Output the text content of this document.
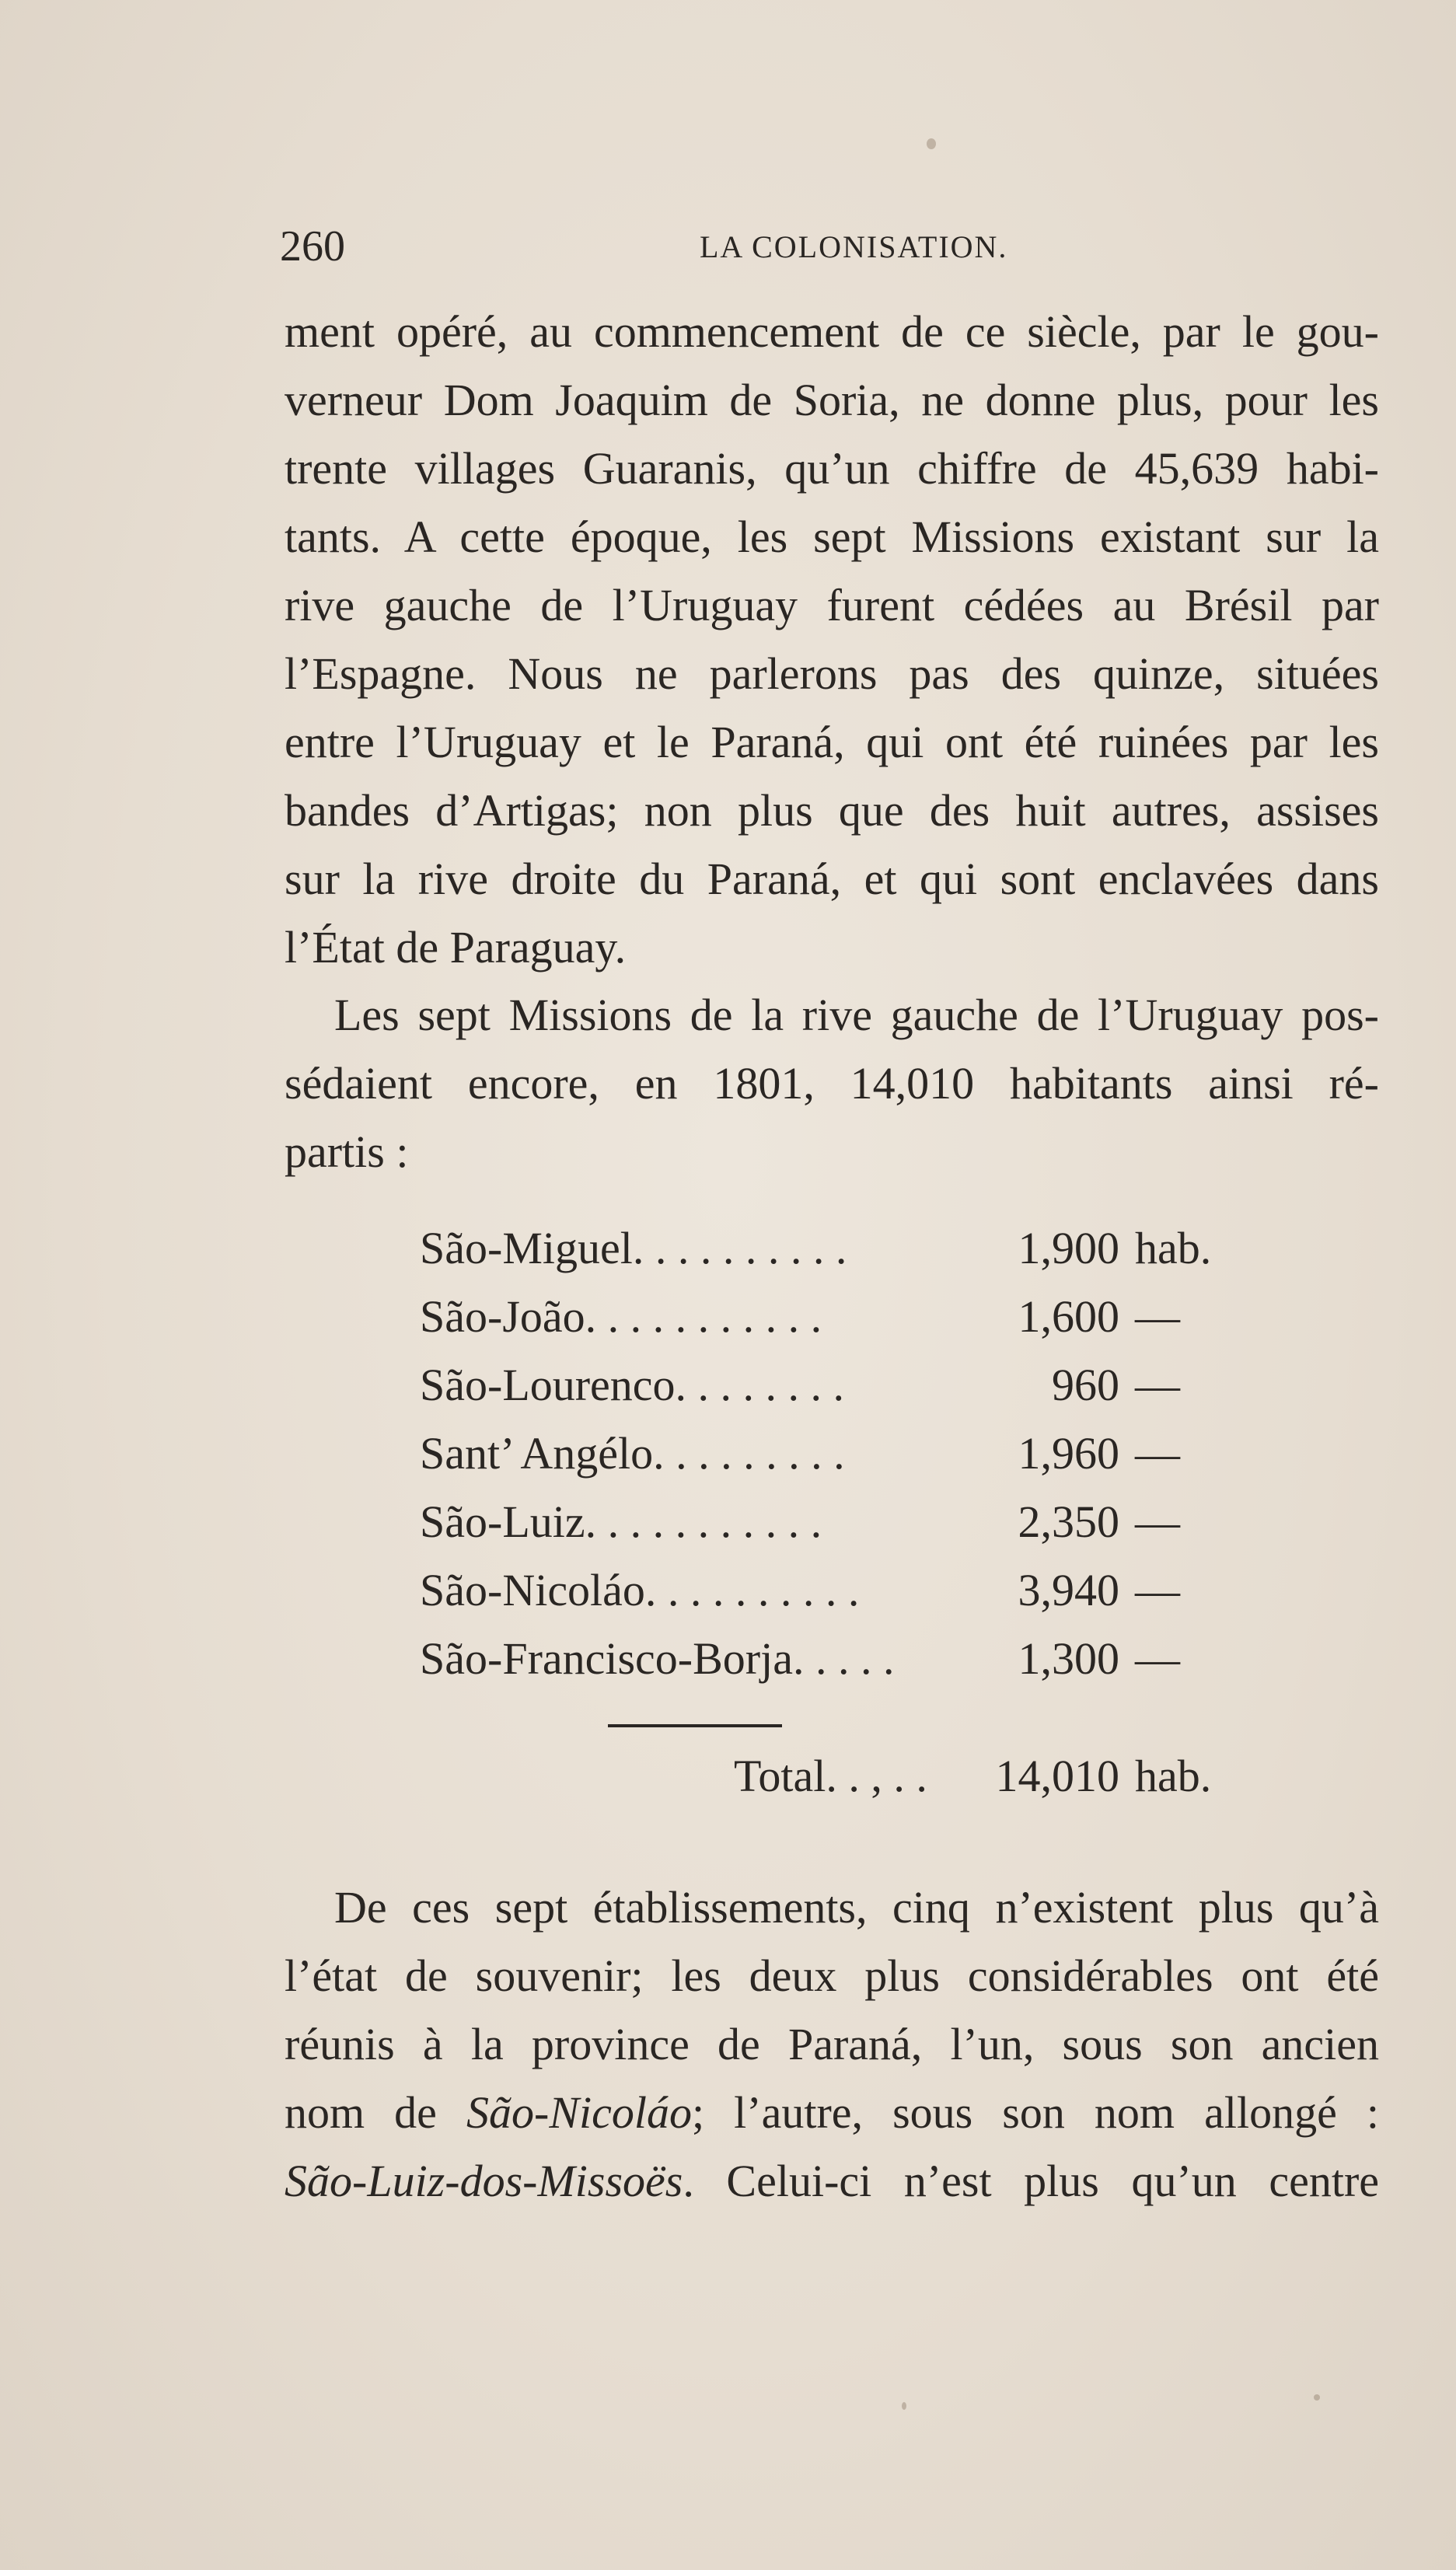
260	LA COLONISATION.
ment opéré, au commencement de ce siècle, par le gou-
verneur Dom Joaquim de Soria, ne donne plus, pour les
trente villages Guaranis, qu’un chiffre de 45,639 habi-
tants. A cette époque, les sept Missions existant sur la
rive gauche de l’Uruguay furent cédées au Brésil par
l’Espagne. Nous ne parlerons pas des quinze, situées
entre l’Uruguay et le Paraná, qui ont été ruinées par les
bandes d’Artigas; non plus que des huit autres, assises
sur la rive droite du Paraná, et qui sont enclavées dans
l’État de Paraguay.
Les sept Missions de la rive gauche de l’Uruguay pos-
sédaient encore, en 1801, 14,010 habitants ainsi ré-
partis :
São-Miguel. . . . . . . . . .	1,900 hab.
São-João. . . . . . . . . . .	1,600 —
São-Lourenco. . . . . . . .	960 —
Sant’ Angélo. . . . . . . . .	1,960 —
São-Luiz. . . . . . . . . . .	2,350 —
São-Nicoláo. . . . . . . . . .	3,940 —
São-Francisco-Borja. . . . .	1,300 —
Total. . , . . 14,010 hab.
De ces sept établissements, cinq n’existent plus qu’à
l’état de souvenir; les deux plus considérables ont été
réunis à la province de Paraná, l’un, sous son ancien
nom de São-Nicoláo; l’autre, sous son nom allongé :
São-Luiz-dos-Missoës. Celui-ci n’est plus qu’un centre
